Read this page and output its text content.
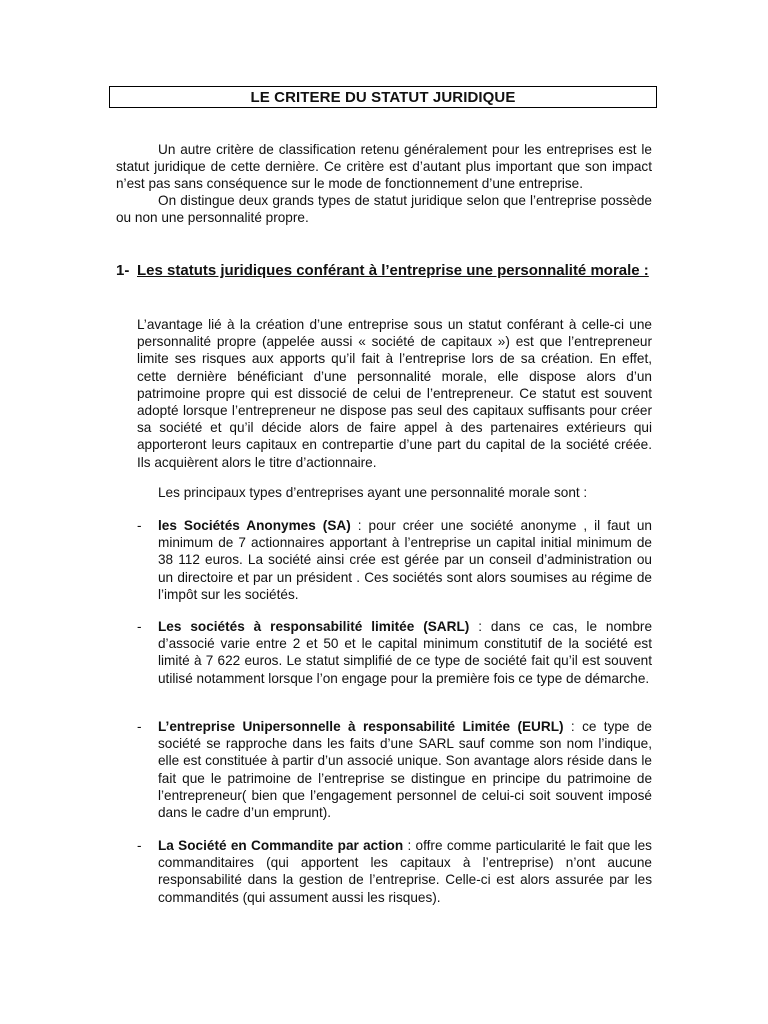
LE CRITERE DU STATUT JURIDIQUE

Un autre critère de classification retenu généralement pour les entreprises est le statut juridique de cette dernière. Ce critère est d’autant plus important que son impact n’est pas sans conséquence sur le mode de fonctionnement d’une entreprise.

On distingue deux grands types de statut juridique selon que l’entreprise possède ou non une personnalité propre.

1- Les statuts juridiques conférant à l’entreprise une personnalité morale :

L’avantage lié à la création d’une entreprise sous un statut conférant à celle-ci une personnalité propre (appelée aussi « société de capitaux ») est que l’entrepreneur limite ses risques aux apports qu’il fait à l’entreprise lors de sa création. En effet, cette dernière bénéficiant d’une personnalité morale, elle dispose alors d’un patrimoine propre qui est dissocié de celui de l’entrepreneur. Ce statut est souvent adopté lorsque l’entrepreneur ne dispose pas seul des capitaux suffisants pour créer sa société et qu’il décide alors de faire appel à des partenaires extérieurs qui apporteront leurs capitaux en contrepartie d’une part du capital de la société créée. Ils acquièrent alors le titre d’actionnaire.

Les principaux types d’entreprises ayant une personnalité morale sont :

- les Sociétés Anonymes (SA) : pour créer une société anonyme , il faut un minimum de 7 actionnaires apportant à l’entreprise un capital initial minimum de 38 112 euros. La société ainsi crée est gérée par un conseil d’administration ou un directoire et par un président . Ces sociétés sont alors soumises au régime de l’impôt sur les sociétés.
- Les sociétés à responsabilité limitée (SARL) : dans ce cas, le nombre d’associé varie entre 2 et 50 et le capital minimum constitutif de la société est limité à 7 622 euros. Le statut simplifié de ce type de société fait qu’il est souvent utilisé notamment lorsque l’on engage pour la première fois ce type de démarche.
- L’entreprise Unipersonnelle à responsabilité Limitée (EURL) : ce type de société se rapproche dans les faits d’une SARL sauf comme son nom l’indique, elle est constituée à partir d’un associé unique. Son avantage alors réside dans le fait que le patrimoine de l’entreprise se distingue en principe du patrimoine de l’entrepreneur( bien que l’engagement personnel de celui-ci soit souvent imposé dans le cadre d’un emprunt).
- La Société en Commandite par action : offre comme particularité le fait que les commanditaires (qui apportent les capitaux à l’entreprise) n’ont aucune responsabilité dans la gestion de l’entreprise. Celle-ci est alors assurée par les commandités (qui assument aussi les risques).
